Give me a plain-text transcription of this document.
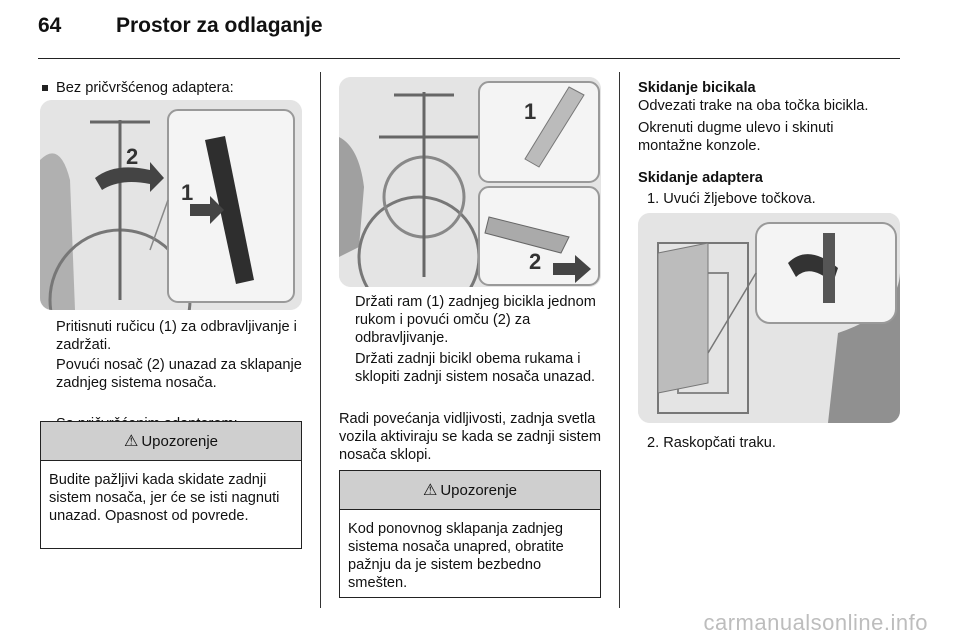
64	Prostor za odlaganje
Bez pričvršćenog adaptera:
1
2
Pritisnuti ručicu (1) za odbravljivanje i zadržati.
Povući nosač (2) unazad za sklapanje zadnjeg sistema nosača.
⚠ Upozorenje
Budite pažljivi kada skidate zadnji sistem nosača, jer će se isti nagnuti unazad. Opasnost od povrede.
1
2
Držati ram (1) zadnjeg bicikla jednom rukom i povući omču (2) za odbravljivanje.
Držati zadnji bicikl obema rukama i sklopiti zadnji sistem nosača unazad.
Radi povećanja vidljivosti, zadnja svetla vozila aktiviraju se kada se zadnji sistem nosača sklopi.
⚠ Upozorenje
Kod ponovnog sklapanja zadnjeg sistema nosača unapred, obratite pažnju da je sistem bezbedno smešten.
Skidanje bicikala
Odvezati trake na oba točka bicikla.
Okrenuti dugme ulevo i skinuti montažne konzole.
Skidanje adaptera
1. Uvući žljebove točkova.
2. Raskopčati traku.
carmanualsonline.info
